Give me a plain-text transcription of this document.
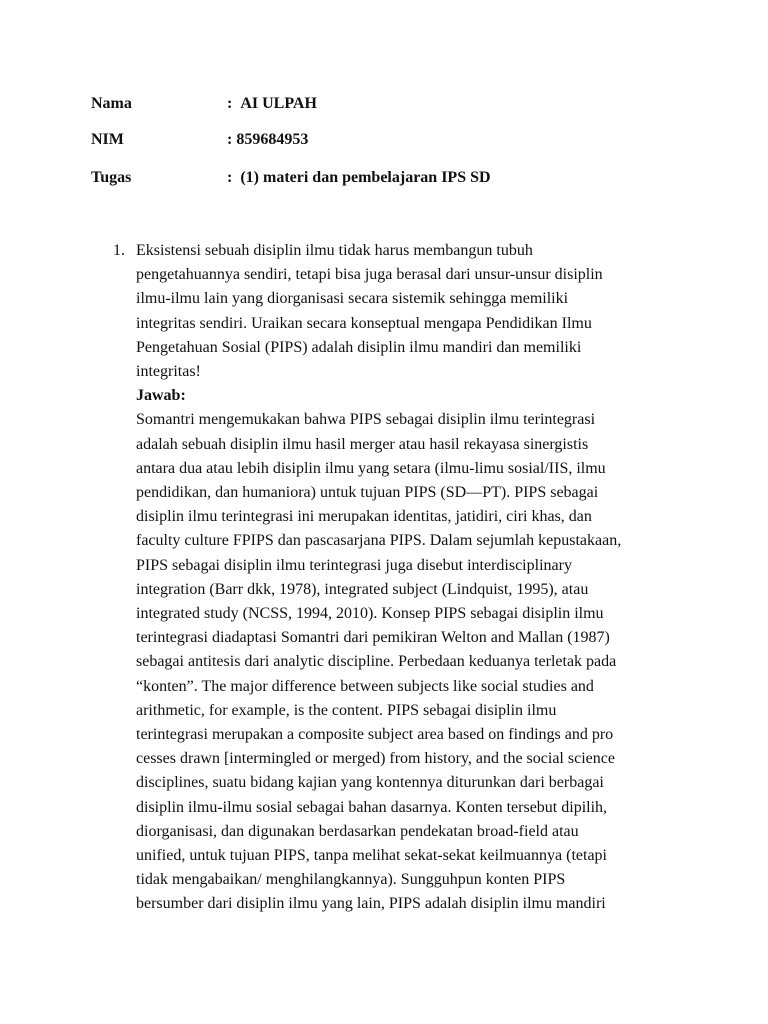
Nama	: AI ULPAH
NIM	: 859684953
Tugas	: (1) materi dan pembelajaran IPS SD
1. Eksistensi sebuah disiplin ilmu tidak harus membangun tubuh
pengetahuannya sendiri, tetapi bisa juga berasal dari unsur-unsur disiplin
ilmu-ilmu lain yang diorganisasi secara sistemik sehingga memiliki
integritas sendiri. Uraikan secara konseptual mengapa Pendidikan Ilmu
Pengetahuan Sosial (PIPS) adalah disiplin ilmu mandiri dan memiliki
integritas!
Jawab:
Somantri mengemukakan bahwa PIPS sebagai disiplin ilmu terintegrasi
adalah sebuah disiplin ilmu hasil merger atau hasil rekayasa sinergistis
antara dua atau lebih disiplin ilmu yang setara (ilmu-limu sosial/IIS, ilmu
pendidikan, dan humaniora) untuk tujuan PIPS (SD—PT). PIPS sebagai
disiplin ilmu terintegrasi ini merupakan identitas, jatidiri, ciri khas, dan
faculty culture FPIPS dan pascasarjana PIPS. Dalam sejumlah kepustakaan,
PIPS sebagai disiplin ilmu terintegrasi juga disebut interdisciplinary
integration (Barr dkk, 1978), integrated subject (Lindquist, 1995), atau
integrated study (NCSS, 1994, 2010). Konsep PIPS sebagai disiplin ilmu
terintegrasi diadaptasi Somantri dari pemikiran Welton and Mallan (1987)
sebagai antitesis dari analytic discipline. Perbedaan keduanya terletak pada
“konten”. The major difference between subjects like social studies and
arithmetic, for example, is the content. PIPS sebagai disiplin ilmu
terintegrasi merupakan a composite subject area based on findings and pro
cesses drawn [intermingled or merged) from history, and the social science
disciplines, suatu bidang kajian yang kontennya diturunkan dari berbagai
disiplin ilmu-ilmu sosial sebagai bahan dasarnya. Konten tersebut dipilih,
diorganisasi, dan digunakan berdasarkan pendekatan broad-field atau
unified, untuk tujuan PIPS, tanpa melihat sekat-sekat keilmuannya (tetapi
tidak mengabaikan/ menghilangkannya). Sungguhpun konten PIPS
bersumber dari disiplin ilmu yang lain, PIPS adalah disiplin ilmu mandiri
